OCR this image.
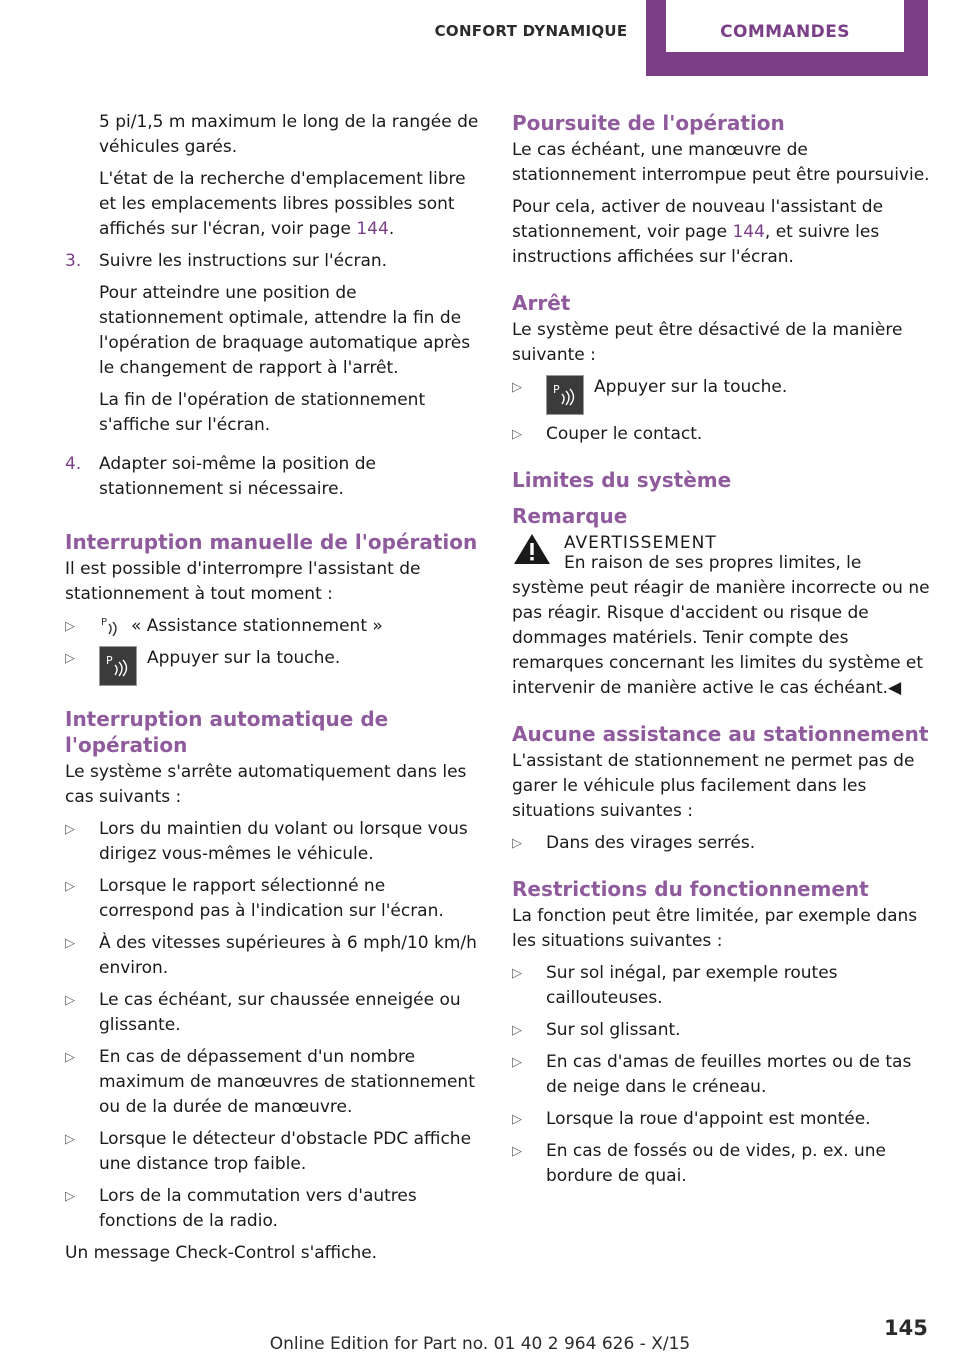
CONFORT DYNAMIQUE	COMMANDES

5 pi/1,5 m maximum le long de la rangée de véhicules garés.

L'état de la recherche d'emplacement libre et les emplacements libres possibles sont affichés sur l'écran, voir page 144.

3.	Suivre les instructions sur l'écran.

Pour atteindre une position de stationnement optimale, attendre la fin de l'opération de braquage automatique après le changement de rapport à l'arrêt.

La fin de l'opération de stationnement s'affiche sur l'écran.

4.	Adapter soi-même la position de stationnement si nécessaire.

Interruption manuelle de l'opération

Il est possible d'interrompre l'assistant de stationnement à tout moment :

▷	P « Assistance stationnement »
▷	P Appuyer sur la touche.
Interruption automatique de l'opération

Le système s'arrête automatiquement dans les cas suivants :

▷	Lors du maintien du volant ou lorsque vous dirigez vous-mêmes le véhicule.
▷	Lorsque le rapport sélectionné ne correspond pas à l'indication sur l'écran.
▷	À des vitesses supérieures à 6 mph/10 km/h environ.
▷	Le cas échéant, sur chaussée enneigée ou glissante.
▷	En cas de dépassement d'un nombre maximum de manœuvres de stationnement ou de la durée de manœuvre.
▷	Lorsque le détecteur d'obstacle PDC affiche une distance trop faible.
▷	Lors de la commutation vers d'autres fonctions de la radio.

Un message Check-Control s'affiche.

Poursuite de l'opération

Le cas échéant, une manœuvre de stationnement interrompue peut être poursuivie.

Pour cela, activer de nouveau l'assistant de stationnement, voir page 144, et suivre les instructions affichées sur l'écran.

Arrêt

Le système peut être désactivé de la manière suivante :

▷	P Appuyer sur la touche.
▷	Couper le contact.
Limites du système
Remarque

AVERTISSEMENT

En raison de ses propres limites, le système peut réagir de manière incorrecte ou ne pas réagir. Risque d'accident ou risque de dommages matériels. Tenir compte des remarques concernant les limites du système et intervenir de manière active le cas échéant.◀

Aucune assistance au stationnement

L'assistant de stationnement ne permet pas de garer le véhicule plus facilement dans les situations suivantes :

▷	Dans des virages serrés.
Restrictions du fonctionnement

La fonction peut être limitée, par exemple dans les situations suivantes :

▷	Sur sol inégal, par exemple routes caillouteuses.
▷	Sur sol glissant.
▷	En cas d'amas de feuilles mortes ou de tas de neige dans le créneau.
▷	Lorsque la roue d'appoint est montée.
▷	En cas de fossés ou de vides, p. ex. une bordure de quai.
145
Online Edition for Part no. 01 40 2 964 626 - X/15
